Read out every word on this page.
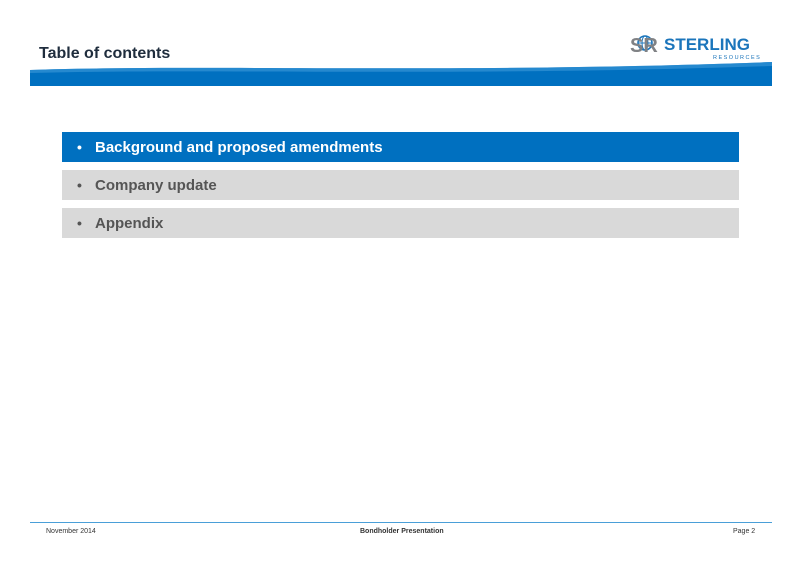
Table of contents	SR STERLING
RESOURCES
• Background and proposed amendments
• Company update
• Appendix
November 2014	Bondholder Presentation	Page 2
